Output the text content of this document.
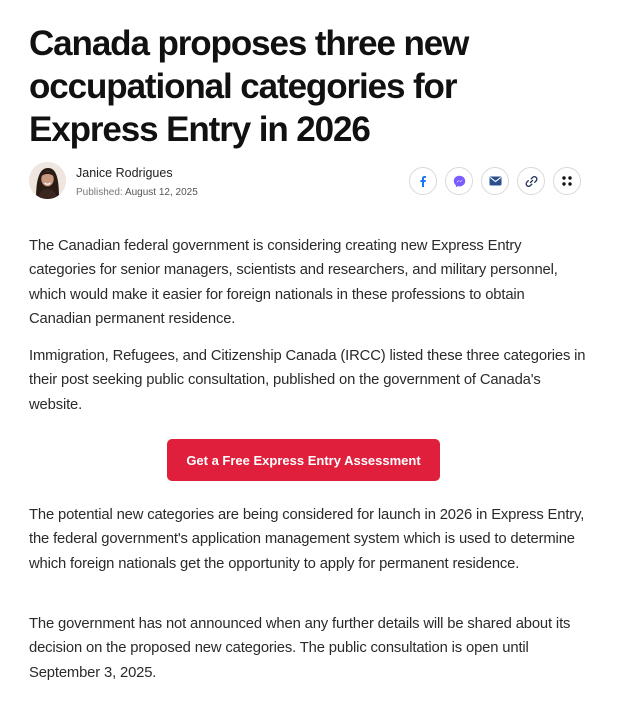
Canada proposes three new occupational categories for Express Entry in 2026
Janice Rodrigues
Published: August 12, 2025

The Canadian federal government is considering creating new Express Entry categories for senior managers, scientists and researchers, and military personnel, which would make it easier for foreign nationals in these professions to obtain Canadian permanent residence.

Immigration, Refugees, and Citizenship Canada (IRCC) listed these three categories in their post seeking public consultation, published on the government of Canada's website.

Get a Free Express Entry Assessment

The potential new categories are being considered for launch in 2026 in Express Entry, the federal government's application management system which is used to determine which foreign nationals get the opportunity to apply for permanent residence.

The government has not announced when any further details will be shared about its decision on the proposed new categories. The public consultation is open until September 3, 2025.
